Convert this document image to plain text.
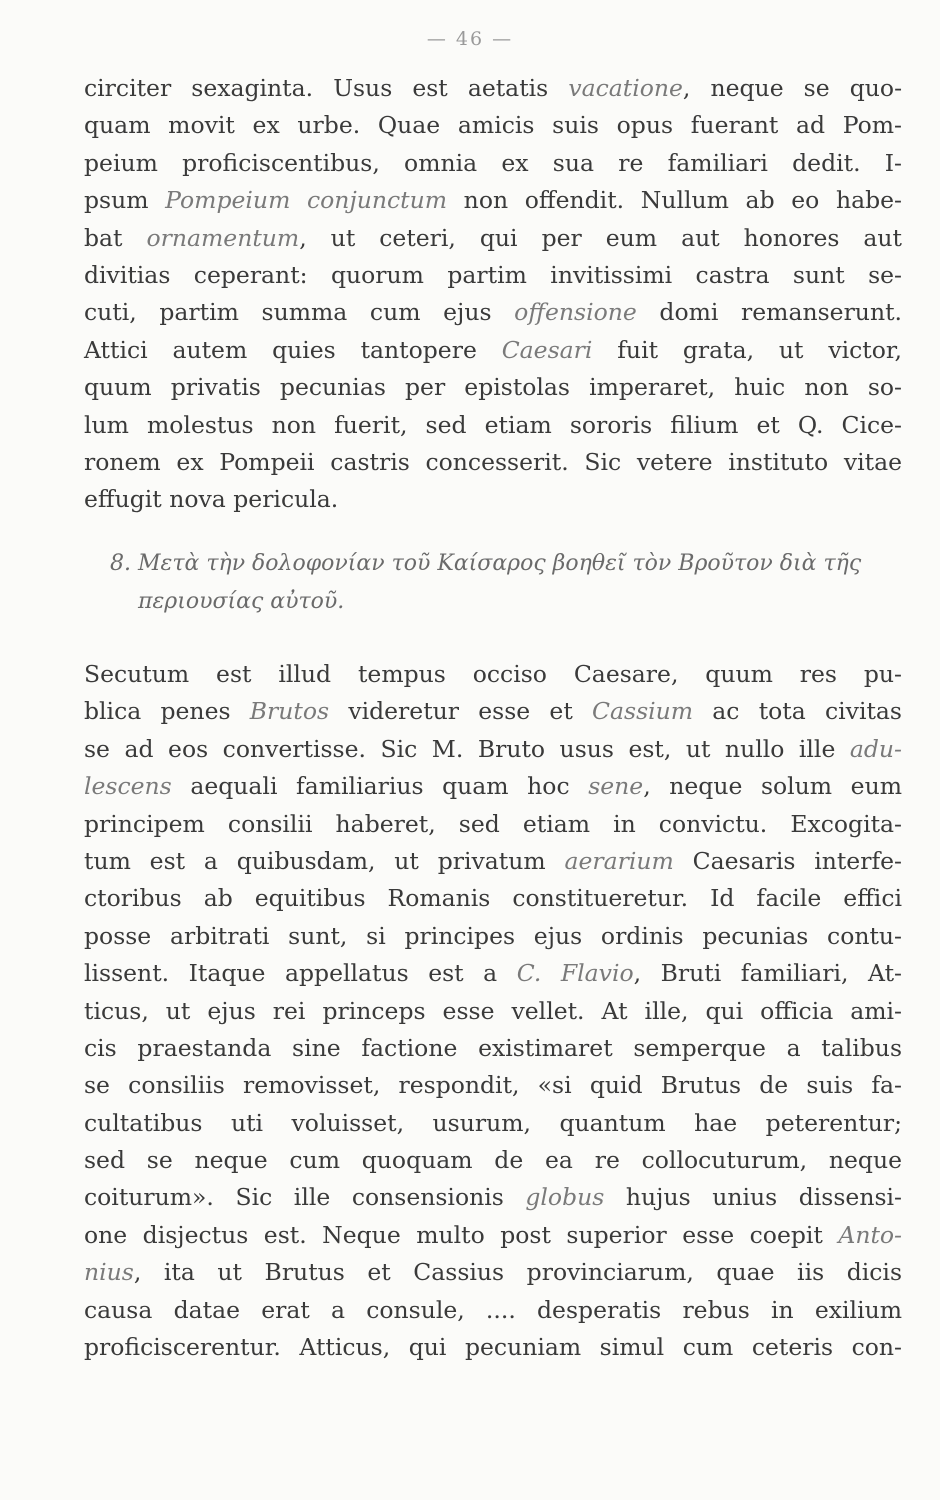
— 46 —
circiter sexaginta. Usus est aetatis vacatione, neque se quo-
quam movit ex urbe. Quae amicis suis opus fuerant ad Pom-
peium proficiscentibus, omnia ex sua re familiari dedit. I-
psum Pompeium conjunctum non offendit. Nullum ab eo habe-
bat ornamentum, ut ceteri, qui per eum aut honores aut
divitias ceperant: quorum partim invitissimi castra sunt se-
cuti, partim summa cum ejus offensione domi remanserunt.
Attici autem quies tantopere Caesari fuit grata, ut victor,
quum privatis pecunias per epistolas imperaret, huic non so-
lum molestus non fuerit, sed etiam sororis filium et Q. Cice-
ronem ex Pompeii castris concesserit. Sic vetere instituto vitae
effugit nova pericula.
8. Μετὰ τὴν δολοφονίαν τοῦ Καίσαρος βοηθεῖ τὸν Βροῦτον διὰ τῆς
περιουσίας αὐτοῦ.
Secutum est illud tempus occiso Caesare, quum res pu-
blica penes Brutos videretur esse et Cassium ac tota civitas
se ad eos convertisse. Sic M. Bruto usus est, ut nullo ille adu-
lescens aequali familiarius quam hoc sene, neque solum eum
principem consilii haberet, sed etiam in convictu. Excogita-
tum est a quibusdam, ut privatum aerarium Caesaris interfe-
ctoribus ab equitibus Romanis constitueretur. Id facile effici
posse arbitrati sunt, si principes ejus ordinis pecunias contu-
lissent. Itaque appellatus est a C. Flavio, Bruti familiari, At-
ticus, ut ejus rei princeps esse vellet. At ille, qui officia ami-
cis praestanda sine factione existimaret semperque a talibus
se consiliis removisset, respondit, «si quid Brutus de suis fa-
cultatibus uti voluisset, usurum, quantum hae peterentur;
sed se neque cum quoquam de ea re collocuturum, neque
coiturum». Sic ille consensionis globus hujus unius dissensi-
one disjectus est. Neque multo post superior esse coepit Anto-
nius, ita ut Brutus et Cassius provinciarum, quae iis dicis
causa datae erat a consule, .... desperatis rebus in exilium
proficiscerentur. Atticus, qui pecuniam simul cum ceteris con-
